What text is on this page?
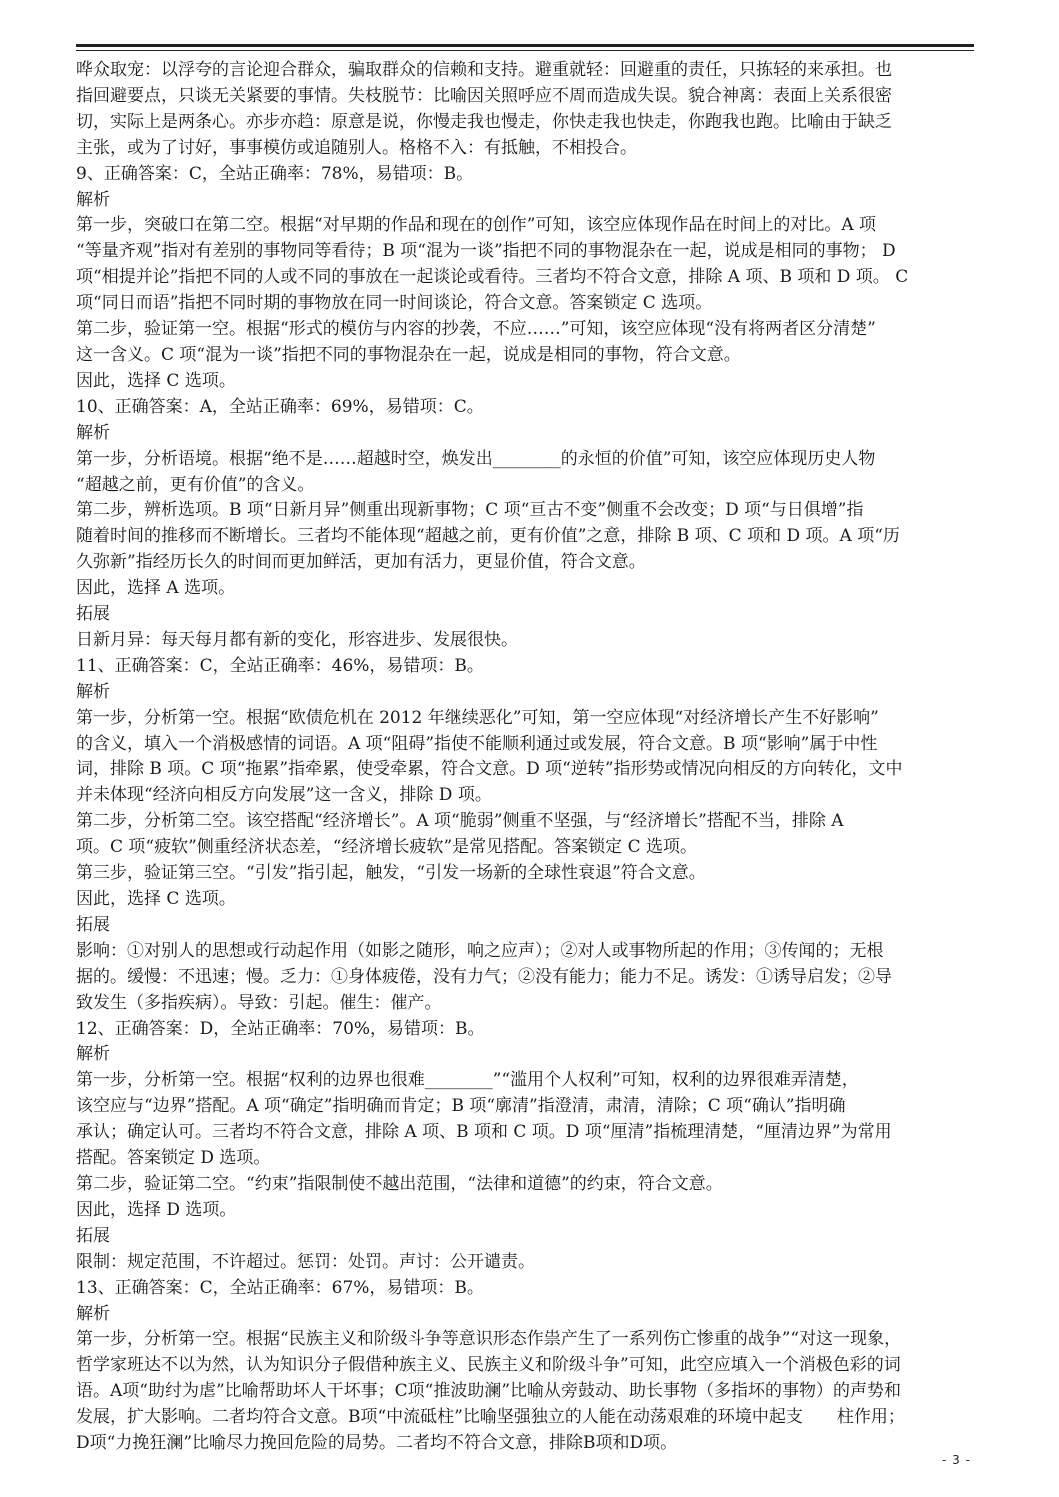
哗众取宠：以浮夸的言论迎合群众，骗取群众的信赖和支持。避重就轻：回避重的责任，只拣轻的来承担。也

指回避要点，只谈无关紧要的事情。失枝脱节：比喻因关照呼应不周而造成失误。貌合神离：表面上关系很密

切，实际上是两条心。亦步亦趋：原意是说，你慢走我也慢走，你快走我也快走，你跑我也跑。比喻由于缺乏

主张，或为了讨好，事事模仿或追随别人。格格不入：有抵触，不相投合。

9、正确答案：C，全站正确率：78%，易错项：B。

解析

第一步，突破口在第二空。根据“对早期的作品和现在的创作”可知，该空应体现作品在时间上的对比。A 项

“等量齐观”指对有差别的事物同等看待；B 项“混为一谈”指把不同的事物混杂在一起，说成是相同的事物； D

项“相提并论”指把不同的人或不同的事放在一起谈论或看待。三者均不符合文意，排除 A 项、B 项和 D 项。 C

项“同日而语”指把不同时期的事物放在同一时间谈论，符合文意。答案锁定 C 选项。

第二步，验证第一空。根据“形式的模仿与内容的抄袭，不应……”可知，该空应体现“没有将两者区分清楚”

这一含义。C 项“混为一谈”指把不同的事物混杂在一起，说成是相同的事物，符合文意。

因此，选择 C 选项。

10、正确答案：A，全站正确率：69%，易错项：C。

解析

第一步，分析语境。根据“绝不是……超越时空，焕发出________的永恒的价值”可知，该空应体现历史人物

“超越之前，更有价值”的含义。

第二步，辨析选项。B 项“日新月异”侧重出现新事物；C 项“亘古不变”侧重不会改变；D 项“与日俱增”指

随着时间的推移而不断增长。三者均不能体现“超越之前，更有价值”之意，排除 B 项、C 项和 D 项。A 项“历

久弥新”指经历长久的时间而更加鲜活，更加有活力，更显价值，符合文意。

因此，选择 A 选项。

拓展

日新月异：每天每月都有新的变化，形容进步、发展很快。

11、正确答案：C，全站正确率：46%，易错项：B。

解析

第一步，分析第一空。根据“欧债危机在 2012 年继续恶化”可知，第一空应体现“对经济增长产生不好影响”

的含义，填入一个消极感情的词语。A 项“阻碍”指使不能顺利通过或发展，符合文意。B 项“影响”属于中性

词，排除 B 项。C 项“拖累”指牵累，使受牵累，符合文意。D 项“逆转”指形势或情况向相反的方向转化，文中

并未体现“经济向相反方向发展”这一含义，排除 D 项。

第二步，分析第二空。该空搭配“经济增长”。A 项“脆弱”侧重不坚强，与“经济增长”搭配不当，排除 A

项。C 项“疲软”侧重经济状态差，“经济增长疲软”是常见搭配。答案锁定 C 选项。

第三步，验证第三空。“引发”指引起，触发，“引发一场新的全球性衰退”符合文意。

因此，选择 C 选项。

拓展

影响：①对别人的思想或行动起作用（如影之随形，响之应声）；②对人或事物所起的作用；③传闻的；无根

据的。缓慢：不迅速；慢。乏力：①身体疲倦，没有力气；②没有能力；能力不足。诱发：①诱导启发；②导

致发生（多指疾病）。导致：引起。催生：催产。

12、正确答案：D，全站正确率：70%，易错项：B。

解析

第一步，分析第一空。根据“权利的边界也很难________”“滥用个人权利”可知，权利的边界很难弄清楚，

该空应与“边界”搭配。A 项“确定”指明确而肯定；B 项“廓清”指澄清，肃清，清除；C 项“确认”指明确

承认；确定认可。三者均不符合文意，排除 A 项、B 项和 C 项。D 项“厘清”指梳理清楚，“厘清边界”为常用

搭配。答案锁定 D 选项。

第二步，验证第二空。“约束”指限制使不越出范围，“法律和道德”的约束，符合文意。

因此，选择 D 选项。

拓展

限制：规定范围，不许超过。惩罚：处罚。声讨：公开谴责。

13、正确答案：C，全站正确率：67%，易错项：B。

解析

第一步，分析第一空。根据“民族主义和阶级斗争等意识形态作祟产生了一系列伤亡惨重的战争”“对这一现象，

哲学家班达不以为然，认为知识分子假借种族主义、民族主义和阶级斗争”可知，此空应填入一个消极色彩的词

语。A项“助纣为虐”比喻帮助坏人干坏事；C项“推波助澜”比喻从旁鼓动、助长事物（多指坏的事物）的声势和

发展，扩大影响。二者均符合文意。B项“中流砥柱”比喻坚强独立的人能在动荡艰难的环境中起支　　柱作用；

D项“力挽狂澜”比喻尽力挽回危险的局势。二者均不符合文意，排除B项和D项。

- 3 -
